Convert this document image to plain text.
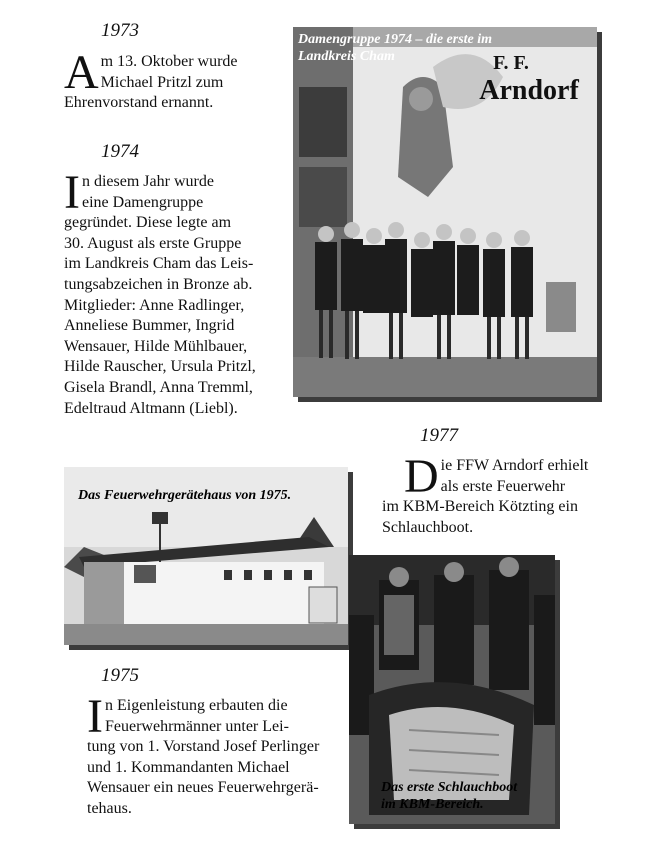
1973
A m 13. Oktober wurde
Michael Pritzl zum
Ehrenvorstand ernannt.
1974
I n diesem Jahr wurde
eine Damengruppe
gegründet. Diese legte am
30. August als erste Gruppe
im Landkreis Cham das Leis-
tungsabzeichen in Bronze ab.
Mitglieder: Anne Radlinger,
Anneliese Bummer, Ingrid
Wensauer, Hilde Mühlbauer,
Hilde Rauscher, Ursula Pritzl,
Gisela Brandl, Anna Tremml,
Edeltraud Altmann (Liebl).
F. F.
Arndorf
Damengruppe 1974 – die erste im
Landkreis Cham
1977
D ie FFW Arndorf erhielt
als erste Feuerwehr
im KBM-Bereich Kötzting ein
Schlauchboot.
Das Feuerwehrgerätehaus von 1975.
Das erste Schlauchboot
im KBM-Bereich.
1975
I n Eigenleistung erbauten die
Feuerwehrmänner unter Lei-
tung von 1. Vorstand Josef Perlinger
und 1. Kommandanten Michael
Wensauer ein neues Feuerwehrgerä-
tehaus.
